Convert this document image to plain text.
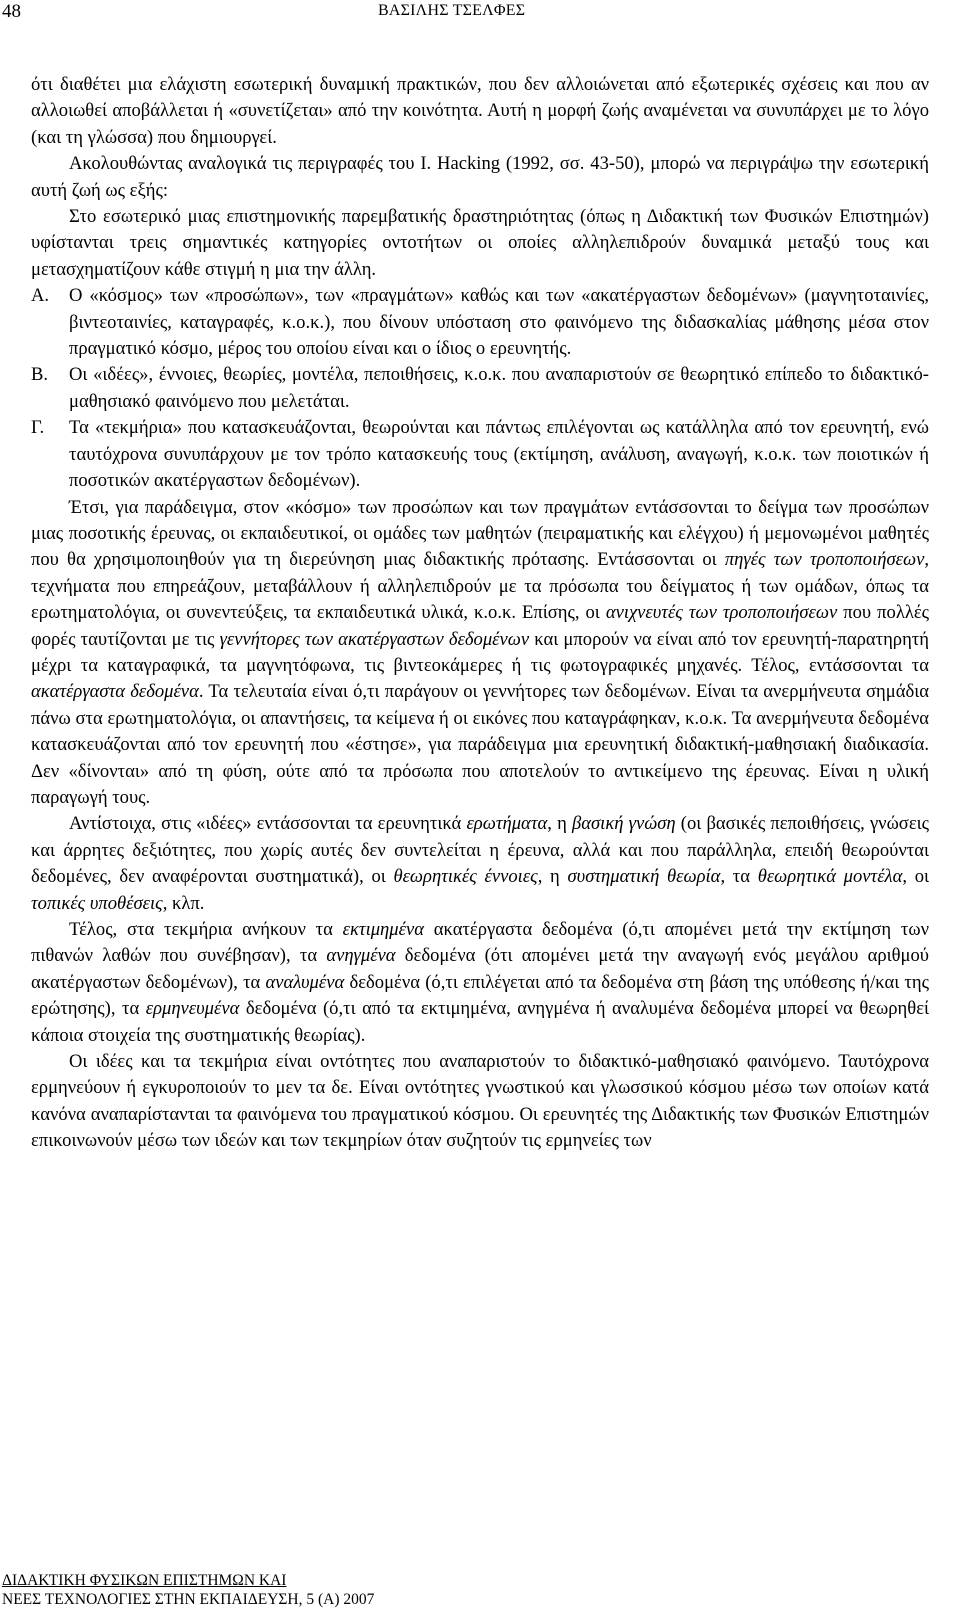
48	ΒΑΣΙΛΗΣ ΤΣΕΛΦΕΣ

ότι διαθέτει μια ελάχιστη εσωτερική δυναμική πρακτικών, που δεν αλλοιώνεται από εξωτερικές σχέσεις και που αν αλλοιωθεί αποβάλλεται ή «συνετίζεται» από την κοινότητα. Αυτή η μορφή ζωής αναμένεται να συνυπάρχει με το λόγο (και τη γλώσσα) που δημιουργεί.

Ακολουθώντας αναλογικά τις περιγραφές του I. Hacking (1992, σσ. 43-50), μπορώ να περιγράψω την εσωτερική αυτή ζωή ως εξής:

Στο εσωτερικό μιας επιστημονικής παρεμβατικής δραστηριότητας (όπως η Διδακτική των Φυσικών Επιστημών) υφίστανται τρεις σημαντικές κατηγορίες οντοτήτων οι οποίες αλληλεπιδρούν δυναμικά μεταξύ τους και μετασχηματίζουν κάθε στιγμή η μια την άλλη.

Α. Ο «κόσμος» των «προσώπων», των «πραγμάτων» καθώς και των «ακατέργαστων δεδομένων» (μαγνητοταινίες, βιντεοταινίες, καταγραφές, κ.ο.κ.), που δίνουν υπόσταση στο φαινόμενο της διδασκαλίας μάθησης μέσα στον πραγματικό κόσμο, μέρος του οποίου είναι και ο ίδιος ο ερευνητής.
Β. Οι «ιδέες», έννοιες, θεωρίες, μοντέλα, πεποιθήσεις, κ.ο.κ. που αναπαριστούν σε θεωρητικό επίπεδο το διδακτικό-μαθησιακό φαινόμενο που μελετάται.
Γ. Τα «τεκμήρια» που κατασκευάζονται, θεωρούνται και πάντως επιλέγονται ως κατάλληλα από τον ερευνητή, ενώ ταυτόχρονα συνυπάρχουν με τον τρόπο κατασκευής τους (εκτίμηση, ανάλυση, αναγωγή, κ.ο.κ. των ποιοτικών ή ποσοτικών ακατέργαστων δεδομένων).

Έτσι, για παράδειγμα, στον «κόσμο» των προσώπων και των πραγμάτων εντάσσονται το δείγμα των προσώπων μιας ποσοτικής έρευνας, οι εκπαιδευτικοί, οι ομάδες των μαθητών (πειραματικής και ελέγχου) ή μεμονωμένοι μαθητές που θα χρησιμοποιηθούν για τη διερεύνηση μιας διδακτικής πρότασης. Εντάσσονται οι πηγές των τροποποιήσεων, τεχνήματα που επηρεάζουν, μεταβάλλουν ή αλληλεπιδρούν με τα πρόσωπα του δείγματος ή των ομάδων, όπως τα ερωτηματολόγια, οι συνεντεύξεις, τα εκπαιδευτικά υλικά, κ.ο.κ. Επίσης, οι ανιχνευτές των τροποποιήσεων που πολλές φορές ταυτίζονται με τις γεννήτορες των ακατέργαστων δεδομένων και μπορούν να είναι από τον ερευνητή-παρατηρητή μέχρι τα καταγραφικά, τα μαγνητόφωνα, τις βιντεοκάμερες ή τις φωτογραφικές μηχανές. Τέλος, εντάσσονται τα ακατέργαστα δεδομένα. Τα τελευταία είναι ό,τι παράγουν οι γεννήτορες των δεδομένων. Είναι τα ανερμήνευτα σημάδια πάνω στα ερωτηματολόγια, οι απαντήσεις, τα κείμενα ή οι εικόνες που καταγράφηκαν, κ.ο.κ. Τα ανερμήνευτα δεδομένα κατασκευάζονται από τον ερευνητή που «έστησε», για παράδειγμα μια ερευνητική διδακτική-μαθησιακή διαδικασία. Δεν «δίνονται» από τη φύση, ούτε από τα πρόσωπα που αποτελούν το αντικείμενο της έρευνας. Είναι η υλική παραγωγή τους.

Αντίστοιχα, στις «ιδέες» εντάσσονται τα ερευνητικά ερωτήματα, η βασική γνώση (οι βασικές πεποιθήσεις, γνώσεις και άρρητες δεξιότητες, που χωρίς αυτές δεν συντελείται η έρευνα, αλλά και που παράλληλα, επειδή θεωρούνται δεδομένες, δεν αναφέρονται συστηματικά), οι θεωρητικές έννοιες, η συστηματική θεωρία, τα θεωρητικά μοντέλα, οι τοπικές υποθέσεις, κλπ.

Τέλος, στα τεκμήρια ανήκουν τα εκτιμημένα ακατέργαστα δεδομένα (ό,τι απομένει μετά την εκτίμηση των πιθανών λαθών που συνέβησαν), τα ανηγμένα δεδομένα (ότι απομένει μετά την αναγωγή ενός μεγάλου αριθμού ακατέργαστων δεδομένων), τα αναλυμένα δεδομένα (ό,τι επιλέγεται από τα δεδομένα στη βάση της υπόθεσης ή/και της ερώτησης), τα ερμηνευμένα δεδομένα (ό,τι από τα εκτιμημένα, ανηγμένα ή αναλυμένα δεδομένα μπορεί να θεωρηθεί κάποια στοιχεία της συστηματικής θεωρίας).

Οι ιδέες και τα τεκμήρια είναι οντότητες που αναπαριστούν το διδακτικό-μαθησιακό φαινόμενο. Ταυτόχρονα ερμηνεύουν ή εγκυροποιούν το μεν τα δε. Είναι οντότητες γνωστικού και γλωσσικού κόσμου μέσω των οποίων κατά κανόνα αναπαρίστανται τα φαινόμενα του πραγματικού κόσμου. Οι ερευνητές της Διδακτικής των Φυσικών Επιστημών επικοινωνούν μέσω των ιδεών και των τεκμηρίων όταν συζητούν τις ερμηνείες των

ΔΙΔΑΚΤΙΚΗ ΦΥΣΙΚΩΝ ΕΠΙΣΤΗΜΩΝ ΚΑΙ
ΝΕΕΣ ΤΕΧΝΟΛΟΓΙΕΣ ΣΤΗΝ ΕΚΠΑΙΔΕΥΣΗ, 5 (Α) 2007
